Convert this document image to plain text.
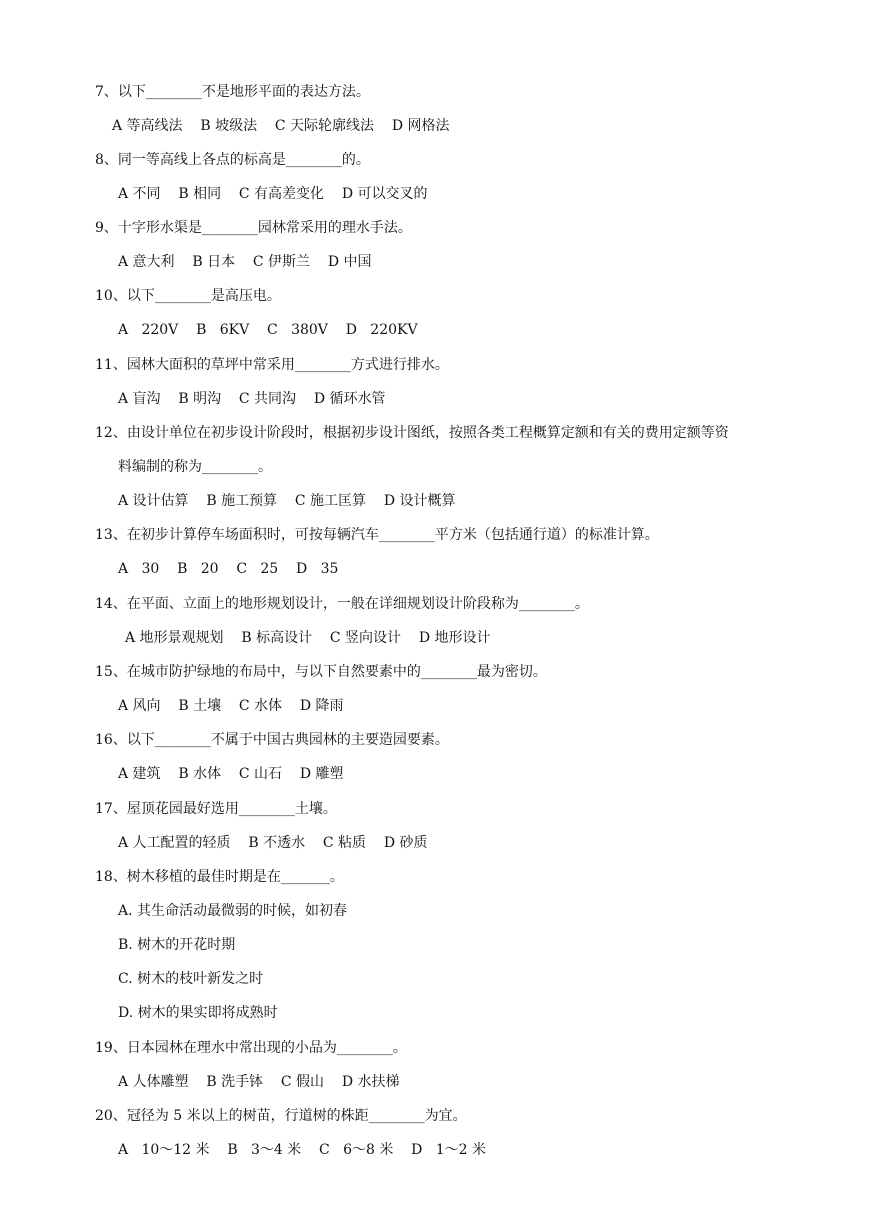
7、以下________不是地形平面的表达方法。
A 等高线法    B 坡级法    C 天际轮廓线法    D 网格法
8、同一等高线上各点的标高是________的。
A 不同    B 相同    C 有高差变化    D 可以交叉的
9、十字形水渠是________园林常采用的理水手法。
A 意大利    B 日本    C 伊斯兰    D 中国
10、以下________是高压电。
A   220V    B   6KV    C   380V    D   220KV
11、园林大面积的草坪中常采用________方式进行排水。
A 盲沟    B 明沟    C 共同沟    D 循环水管
12、由设计单位在初步设计阶段时，根据初步设计图纸，按照各类工程概算定额和有关的费用定额等资
料编制的称为________。
A 设计估算    B 施工预算    C 施工匡算    D 设计概算
13、在初步计算停车场面积时，可按每辆汽车________平方米（包括通行道）的标准计算。
A   30    B   20    C   25    D   35
14、在平面、立面上的地形规划设计，一般在详细规划设计阶段称为________。
A 地形景观规划    B 标高设计    C 竖向设计    D 地形设计
15、在城市防护绿地的布局中，与以下自然要素中的________最为密切。
A 风向    B 土壤    C 水体    D 降雨
16、以下________不属于中国古典园林的主要造园要素。
A 建筑    B 水体    C 山石    D 雕塑
17、屋顶花园最好选用________土壤。
A 人工配置的轻质    B 不透水    C 粘质    D 砂质
18、树木移植的最佳时期是在_______。
A. 其生命活动最微弱的时候，如初春
B. 树木的开花时期
C. 树木的枝叶新发之时
D. 树木的果实即将成熟时
19、日本园林在理水中常出现的小品为________。
A 人体雕塑    B 洗手钵    C 假山    D 水扶梯
20、冠径为 5 米以上的树苗，行道树的株距________为宜。
A   10～12 米    B   3～4 米    C   6～8 米    D   1～2 米
